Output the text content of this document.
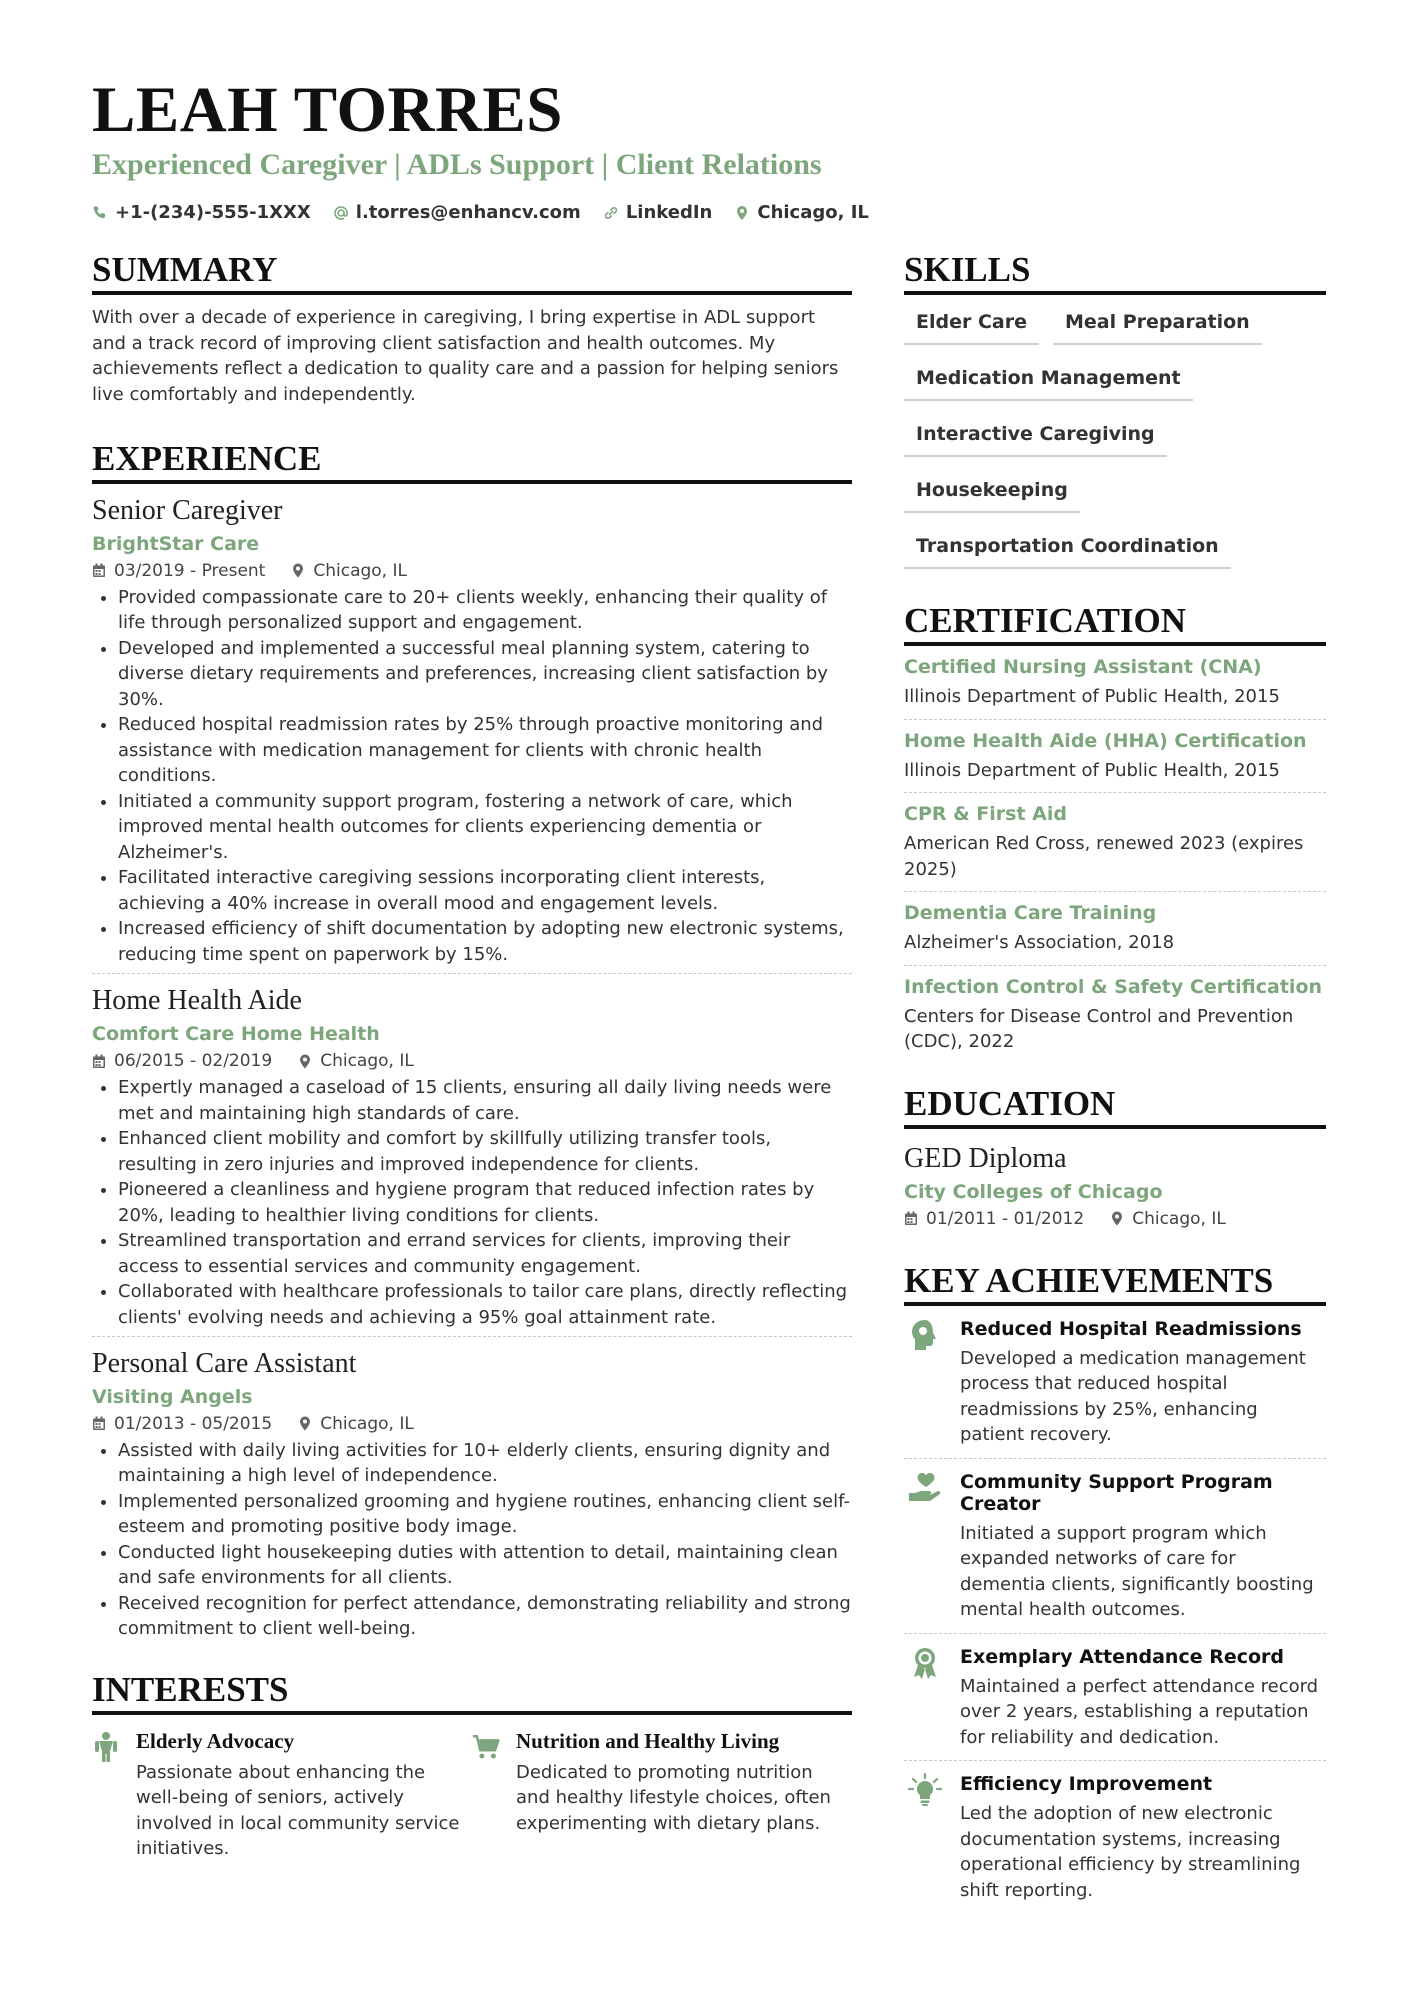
LEAH TORRES
Experienced Caregiver | ADLs Support | Client Relations
+1-(234)-555-1XXX	l.torres@enhancv.com	LinkedIn	Chicago, IL
SUMMARY
With over a decade of experience in caregiving, I bring expertise in ADL support and a track record of improving client satisfaction and health outcomes. My achievements reflect a dedication to quality care and a passion for helping seniors live comfortably and independently.
EXPERIENCE
Senior Caregiver
BrightStar Care
03/2019 - Present	Chicago, IL
• Provided compassionate care to 20+ clients weekly, enhancing their quality of life through personalized support and engagement.
• Developed and implemented a successful meal planning system, catering to diverse dietary requirements and preferences, increasing client satisfaction by 30%.
• Reduced hospital readmission rates by 25% through proactive monitoring and assistance with medication management for clients with chronic health conditions.
• Initiated a community support program, fostering a network of care, which improved mental health outcomes for clients experiencing dementia or Alzheimer's.
• Facilitated interactive caregiving sessions incorporating client interests, achieving a 40% increase in overall mood and engagement levels.
• Increased efficiency of shift documentation by adopting new electronic systems, reducing time spent on paperwork by 15%.
Home Health Aide
Comfort Care Home Health
06/2015 - 02/2019	Chicago, IL
• Expertly managed a caseload of 15 clients, ensuring all daily living needs were met and maintaining high standards of care.
• Enhanced client mobility and comfort by skillfully utilizing transfer tools, resulting in zero injuries and improved independence for clients.
• Pioneered a cleanliness and hygiene program that reduced infection rates by 20%, leading to healthier living conditions for clients.
• Streamlined transportation and errand services for clients, improving their access to essential services and community engagement.
• Collaborated with healthcare professionals to tailor care plans, directly reflecting clients' evolving needs and achieving a 95% goal attainment rate.
Personal Care Assistant
Visiting Angels
01/2013 - 05/2015	Chicago, IL
• Assisted with daily living activities for 10+ elderly clients, ensuring dignity and maintaining a high level of independence.
• Implemented personalized grooming and hygiene routines, enhancing client self-esteem and promoting positive body image.
• Conducted light housekeeping duties with attention to detail, maintaining clean and safe environments for all clients.
• Received recognition for perfect attendance, demonstrating reliability and strong commitment to client well-being.
INTERESTS
Elderly Advocacy
Passionate about enhancing the well-being of seniors, actively involved in local community service initiatives.
Nutrition and Healthy Living
Dedicated to promoting nutrition and healthy lifestyle choices, often experimenting with dietary plans.
SKILLS
Elder Care	Meal Preparation
Medication Management
Interactive Caregiving
Housekeeping
Transportation Coordination
CERTIFICATION
Certified Nursing Assistant (CNA)
Illinois Department of Public Health, 2015
Home Health Aide (HHA) Certification
Illinois Department of Public Health, 2015
CPR & First Aid
American Red Cross, renewed 2023 (expires 2025)
Dementia Care Training
Alzheimer's Association, 2018
Infection Control & Safety Certification
Centers for Disease Control and Prevention (CDC), 2022
EDUCATION
GED Diploma
City Colleges of Chicago
01/2011 - 01/2012	Chicago, IL
KEY ACHIEVEMENTS
Reduced Hospital Readmissions
Developed a medication management process that reduced hospital readmissions by 25%, enhancing patient recovery.
Community Support Program Creator
Initiated a support program which expanded networks of care for dementia clients, significantly boosting mental health outcomes.
Exemplary Attendance Record
Maintained a perfect attendance record over 2 years, establishing a reputation for reliability and dedication.
Efficiency Improvement
Led the adoption of new electronic documentation systems, increasing operational efficiency by streamlining shift reporting.
